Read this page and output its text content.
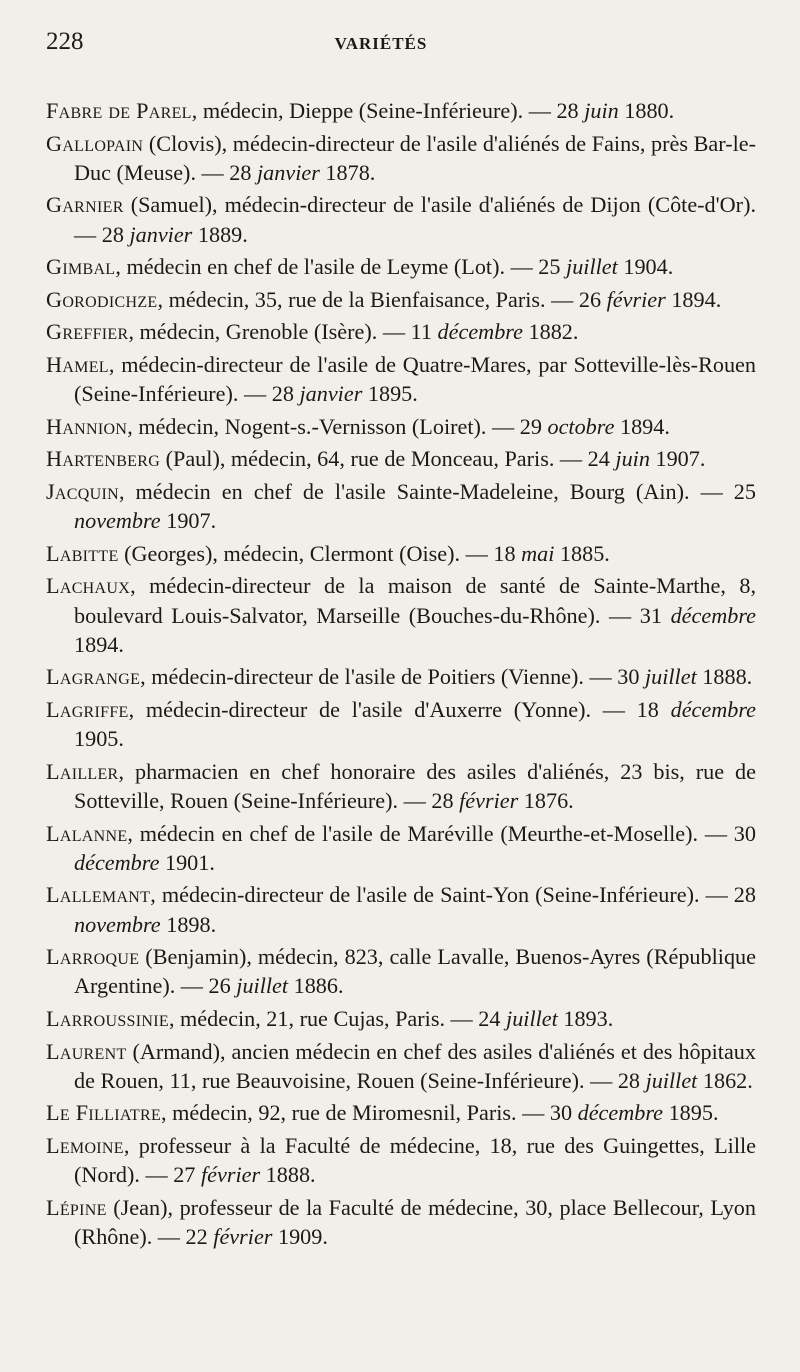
228	VARIÉTÉS

Fabre de Parel, médecin, Dieppe (Seine-Inférieure). — 28 juin 1880.

Gallopain (Clovis), médecin-directeur de l'asile d'aliénés de Fains, près Bar-le-Duc (Meuse). — 28 janvier 1878.

Garnier (Samuel), médecin-directeur de l'asile d'aliénés de Dijon (Côte-d'Or). — 28 janvier 1889.

Gimbal, médecin en chef de l'asile de Leyme (Lot). — 25 juillet 1904.

Gorodichze, médecin, 35, rue de la Bienfaisance, Paris. — 26 février 1894.

Greffier, médecin, Grenoble (Isère). — 11 décembre 1882.

Hamel, médecin-directeur de l'asile de Quatre-Mares, par Sotteville-lès-Rouen (Seine-Inférieure). — 28 janvier 1895.

Hannion, médecin, Nogent-s.-Vernisson (Loiret). — 29 octobre 1894.

Hartenberg (Paul), médecin, 64, rue de Monceau, Paris. — 24 juin 1907.

Jacquin, médecin en chef de l'asile Sainte-Madeleine, Bourg (Ain). — 25 novembre 1907.

Labitte (Georges), médecin, Clermont (Oise). — 18 mai 1885.

Lachaux, médecin-directeur de la maison de santé de Sainte-Marthe, 8, boulevard Louis-Salvator, Marseille (Bouches-du-Rhône). — 31 décembre 1894.

Lagrange, médecin-directeur de l'asile de Poitiers (Vienne). — 30 juillet 1888.

Lagriffe, médecin-directeur de l'asile d'Auxerre (Yonne). — 18 décembre 1905.

Lailler, pharmacien en chef honoraire des asiles d'aliénés, 23 bis, rue de Sotteville, Rouen (Seine-Inférieure). — 28 février 1876.

Lalanne, médecin en chef de l'asile de Maréville (Meurthe-et-Moselle). — 30 décembre 1901.

Lallemant, médecin-directeur de l'asile de Saint-Yon (Seine-Inférieure). — 28 novembre 1898.

Larroque (Benjamin), médecin, 823, calle Lavalle, Buenos-Ayres (République Argentine). — 26 juillet 1886.

Larroussinie, médecin, 21, rue Cujas, Paris. — 24 juillet 1893.

Laurent (Armand), ancien médecin en chef des asiles d'aliénés et des hôpitaux de Rouen, 11, rue Beauvoisine, Rouen (Seine-Inférieure). — 28 juillet 1862.

Le Filliatre, médecin, 92, rue de Miromesnil, Paris. — 30 décembre 1895.

Lemoine, professeur à la Faculté de médecine, 18, rue des Guingettes, Lille (Nord). — 27 février 1888.

Lépine (Jean), professeur de la Faculté de médecine, 30, place Bellecour, Lyon (Rhône). — 22 février 1909.
